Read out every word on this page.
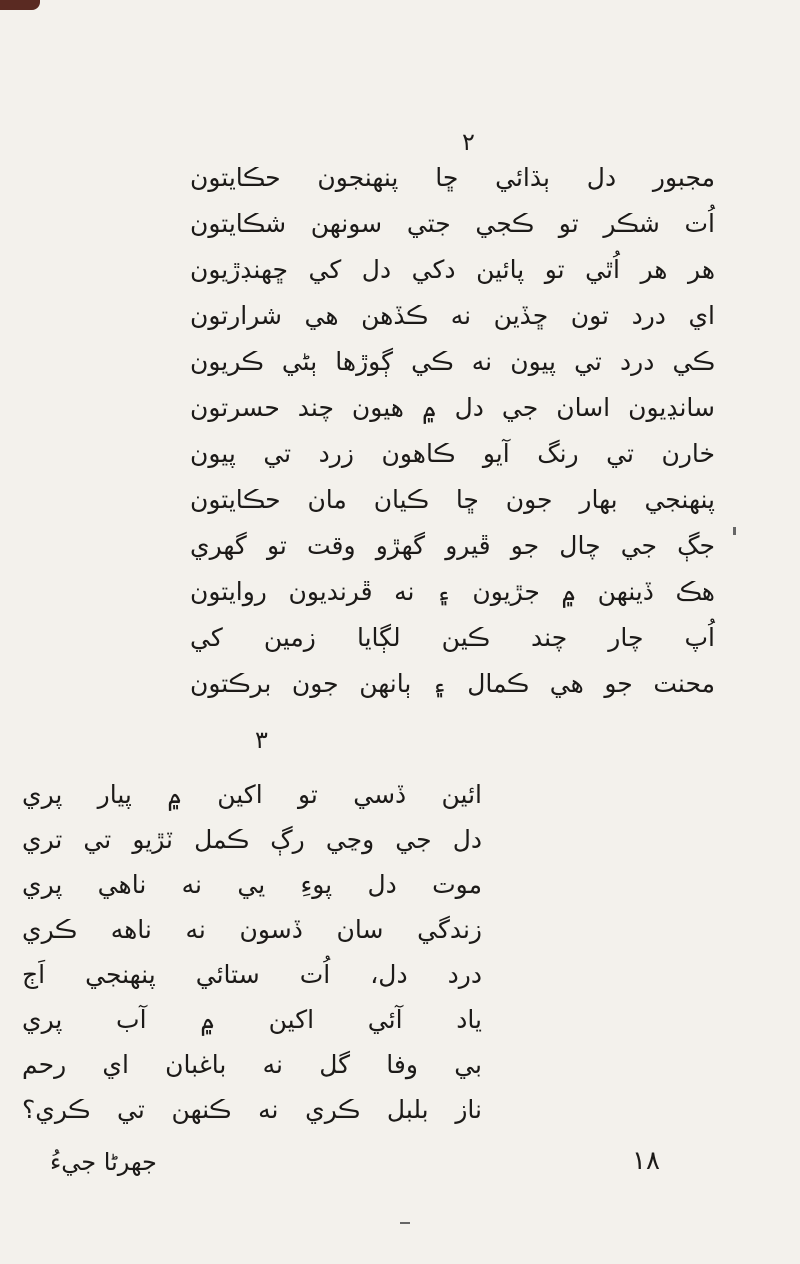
٢
مجبور دل ٻڌائي ڇا پنهنجون حڪايتون
اُت شڪر تو ڪجي جتي سونهن شڪايتون
هر هر اُٿي تو پائين دکي دل کي ڇهنڊڙيون
اي درد تون ڇڏين نه ڪڏهن هي شرارتون
ڪي درد تي پيون نه ڪي ڳوڙها ٻڻي ڪريون
سانڍيون اسان جي دل ۾ هيون چند حسرتون
خارن تي رنگ آيو ڪاهون زرد تي پيون
پنهنجي بهار جون ڇا ڪيان مان حڪايتون
جڳ جي چال جو ڦيرو گهڙو وقت تو گهري
هڪ ڏينهن ۾ جڙيون ۽ نه ڦرنديون روايتون
اُپ چار چند ڪين لڳايا زمين کي
محنت جو هي ڪمال ۽ ٻانهن جون برڪتون
٣
ائين ڏسي تو اکين ۾ پيار پري
دل جي وڃي رڳ ڪمل ٽڙيو تي تري
موت دل پوءِ يي نه ناهي پري
زندگي سان ڏسون نه ناهه ڪري
درد دل، اُت ستائي پنهنجي اَڄ
ياد آئي اکين ۾ آب پري
بي وفا گل نه باغبان اي رحم
ناز بلبل ڪري نه ڪنهن تي ڪري؟
جهرڻا جيءُ	١٨
